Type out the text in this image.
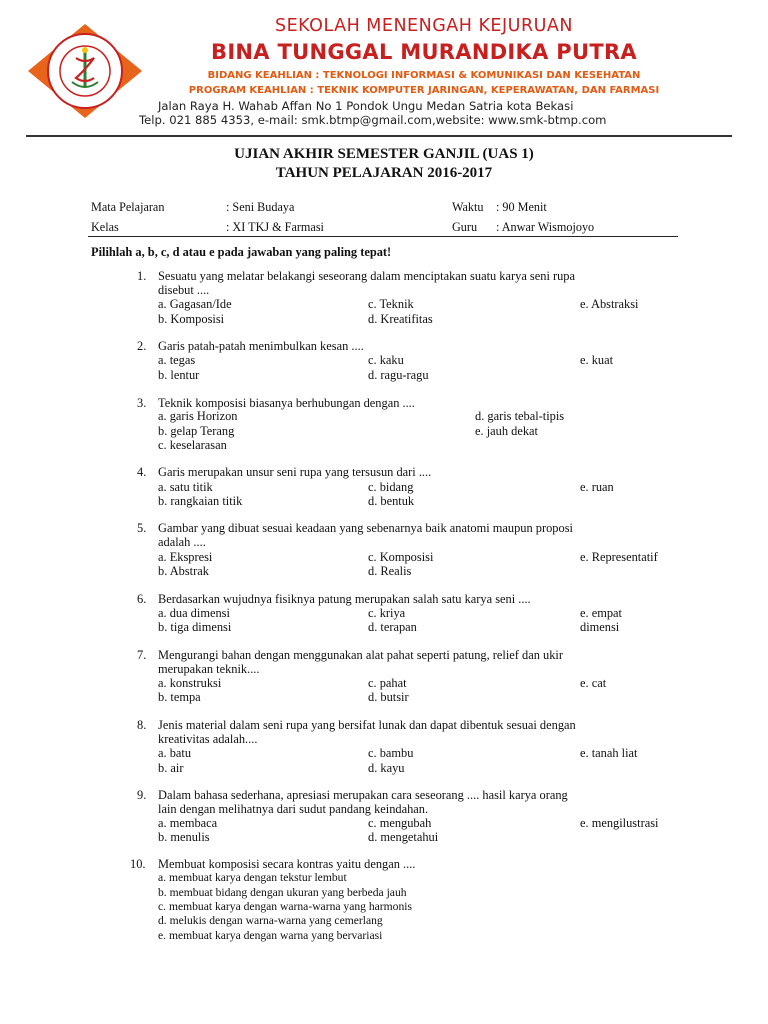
SEKOLAH MENENGAH KEJURUAN
BINA TUNGGAL MURANDIKA PUTRA
BIDANG KEAHLIAN : TEKNOLOGI INFORMASI & KOMUNIKASI DAN KESEHATAN
PROGRAM KEAHLIAN : TEKNIK KOMPUTER JARINGAN, KEPERAWATAN, DAN FARMASI
Jalan Raya H. Wahab Affan No 1 Pondok Ungu Medan Satria kota Bekasi
Telp. 021 885 4353, e-mail: smk.btmp@gmail.com,website: www.smk-btmp.com
UJIAN AKHIR SEMESTER GANJIL (UAS 1)
TAHUN PELAJARAN 2016-2017
Mata Pelajaran	: Seni Budaya	Waktu : 90 Menit
Kelas	: XI TKJ & Farmasi	Guru : Anwar Wismojoyo
Pilihlah a, b, c, d atau e pada jawaban yang paling tepat!
1. Sesuatu yang melatar belakangi seseorang dalam menciptakan suatu karya seni rupa
disebut ....
a. Gagasan/Ide	c. Teknik	e. Abstraksi
b. Komposisi	d. Kreatifitas
2. Garis patah-patah menimbulkan kesan ....
a. tegas	c. kaku	e. kuat
b. lentur	d. ragu-ragu
3. Teknik komposisi biasanya berhubungan dengan ....
a. garis Horizon	d. garis tebal-tipis
b. gelap Terang	e. jauh dekat
c. keselarasan
4. Garis merupakan unsur seni rupa yang tersusun dari ....
a. satu titik	c. bidang	e. ruan
b. rangkaian titik	d. bentuk
5. Gambar yang dibuat sesuai keadaan yang sebenarnya baik anatomi maupun proposi
adalah ....
a. Ekspresi	c. Komposisi	e. Representatif
b. Abstrak	d. Realis
6. Berdasarkan wujudnya fisiknya patung merupakan salah satu karya seni ....
a. dua dimensi	c. kriya	e. empat
b. tiga dimensi	d. terapan	dimensi
7. Mengurangi bahan dengan menggunakan alat pahat seperti patung, relief dan ukir
merupakan teknik....
a. konstruksi	c. pahat	e. cat
b. tempa	d. butsir
8. Jenis material dalam seni rupa yang bersifat lunak dan dapat dibentuk sesuai dengan
kreativitas adalah....
a. batu	c. bambu	e. tanah liat
b. air	d. kayu
9. Dalam bahasa sederhana, apresiasi merupakan cara seseorang .... hasil karya orang
lain dengan melihatnya dari sudut pandang keindahan.
a. membaca	c. mengubah	e. mengilustrasi
b. menulis	d. mengetahui
10. Membuat komposisi secara kontras yaitu dengan ....
a. membuat karya dengan tekstur lembut
b. membuat bidang dengan ukuran yang berbeda jauh
c. membuat karya dengan warna-warna yang harmonis
d. melukis dengan warna-warna yang cemerlang
e. membuat karya dengan warna yang bervariasi
